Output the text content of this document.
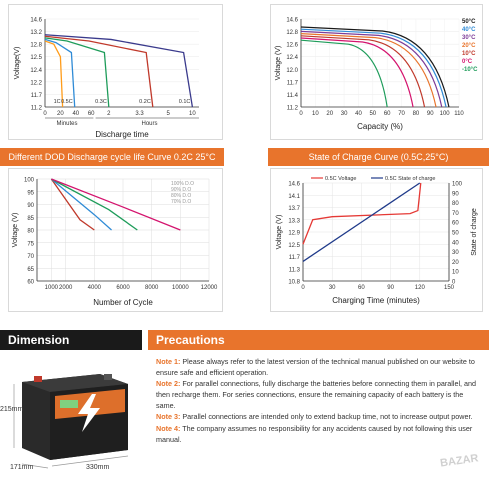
14.6
13.2
12.8
12.5
12.4
12.2
11.7
11.2
0 20 40 60 2	3.3	5	10
Minutes	Hours
Discharge time
Voltage(V)
1C 0.5C	0.3C	0.2C	0.1C
14.6
12.8
12.6
12.4
12.0
11.7
11.4
11.2
0 10 20 30 40 50 60 70 80 90 100 110
Capacity (%)
Voltage (V)
50°C
40°C
30°C
20°C
10°C
0°C
-10°C
Different DOD Discharge cycle life Curve 0.2C 25°C
100
95
90
85
80
75
70
65
60
1000 2000	4000	6000	8000 10000 12000
Number of Cycle
Voltage (V)
100% D.O
90% D.O
80% D.O
70% D.O
State of Charge Curve (0.5C,25°C)
14.6
14.1
13.7
13.3
12.9
12.5
11.7
11.3
10.8
100
90
80
70
60
50
40
30
20
10
0
0	30	60	90	120	150
Charging Time (minutes)
Voltage (V)	State of charge
0.5C Voltage	0.5C State of charge
Dimension
215mm
171mm	330mm
Precautions
Note 1: Please always refer to the latest version of the technical manual published on our website to ensure safe and efficient operation.
Note 2: For parallel connections, fully discharge the batteries before connecting them in parallel, and then recharge them. For series connections, ensure the remaining capacity of each battery is the same.
Note 3: Parallel connections are intended only to extend backup time, not to increase output power.
Note 4: The company assumes no responsibility for any accidents caused by not following this user manual.
BAZAR
